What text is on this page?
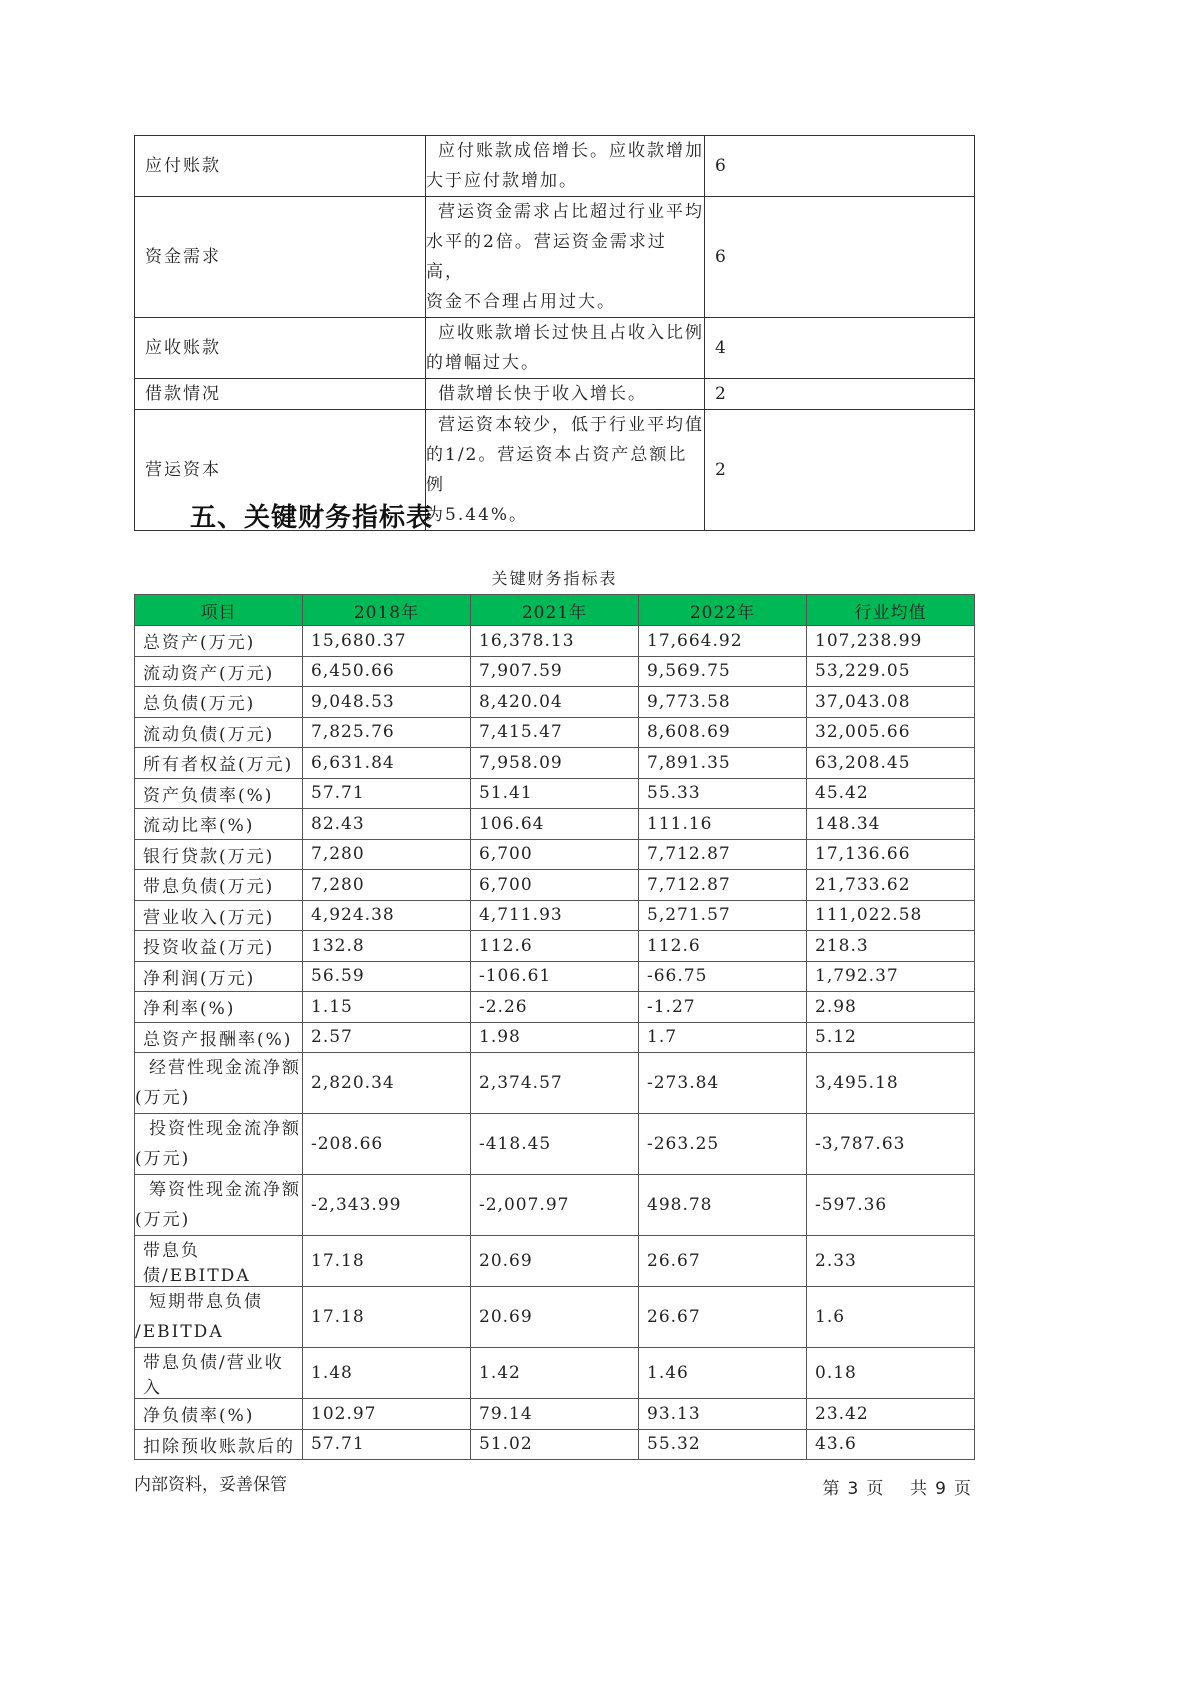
应付账款	应付账款成倍增长。应收款增加
大于应付款增加。	6
资金需求	营运资金需求占比超过行业平均
水平的2倍。营运资金需求过高，
资金不合理占用过大。	6
应收账款	应收账款增长过快且占收入比例
的增幅过大。	4
借款情况	借款增长快于收入增长。	2
营运资本	营运资本较少，低于行业平均值
的1/2。营运资本占资产总额比例
为5.44%。	2
五、关键财务指标表
关键财务指标表
项目	2018年	2021年	2022年	行业均值
总资产(万元)	15,680.37	16,378.13	17,664.92	107,238.99
流动资产(万元)	6,450.66	7,907.59	9,569.75	53,229.05
总负债(万元)	9,048.53	8,420.04	9,773.58	37,043.08
流动负债(万元)	7,825.76	7,415.47	8,608.69	32,005.66
所有者权益(万元)	6,631.84	7,958.09	7,891.35	63,208.45
资产负债率(%)	57.71	51.41	55.33	45.42
流动比率(%)	82.43	106.64	111.16	148.34
银行贷款(万元)	7,280	6,700	7,712.87	17,136.66
带息负债(万元)	7,280	6,700	7,712.87	21,733.62
营业收入(万元)	4,924.38	4,711.93	5,271.57	111,022.58
投资收益(万元)	132.8	112.6	112.6	218.3
净利润(万元)	56.59	-106.61	-66.75	1,792.37
净利率(%)	1.15	-2.26	-1.27	2.98
总资产报酬率(%)	2.57	1.98	1.7	5.12

经营性现金流净额
(万元)	2,820.34	2,374.57	-273.84	3,495.18

投资性现金流净额
(万元)	-208.66	-418.45	-263.25	-3,787.63

筹资性现金流净额
(万元)	-2,343.99	-2,007.97	498.78	-597.36
带息负债/EBITDA	17.18	20.69	26.67	2.33

短期带息负债
/EBITDA	17.18	20.69	26.67	1.6
带息负债/营业收入	1.48	1.42	1.46	0.18
净负债率(%)	102.97	79.14	93.13	23.42
扣除预收账款后的	57.71	51.02	55.32	43.6
内部资料，妥善保管	第 3 页 共 9 页
